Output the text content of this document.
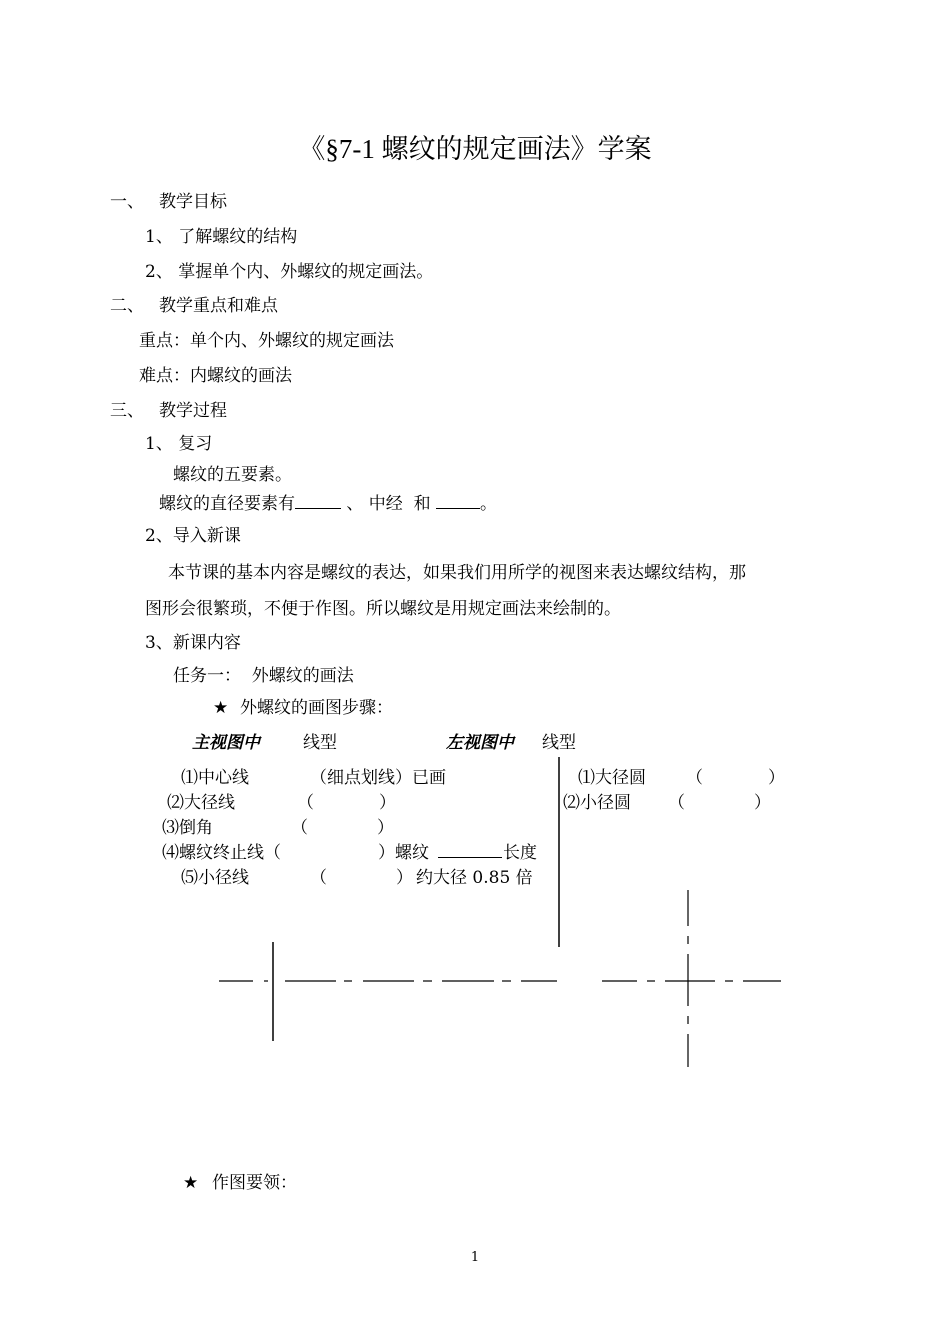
《§7-1 螺纹的规定画法》学案
一、 教学目标
1、 了解螺纹的结构
2、 掌握单个内、外螺纹的规定画法。
二、 教学重点和难点
重点：单个内、外螺纹的规定画法
难点：内螺纹的画法
三、 教学过程
1、 复习
螺纹的五要素。
螺纹的直径要素有	、 中经  和	。
2、导入新课
本节课的基本内容是螺纹的表达，如果我们用所学的视图来表达螺纹结构，那
图形会很繁琐，不便于作图。所以螺纹是用规定画法来绘制的。
3、新课内容
任务一：  外螺纹的画法
★ 外螺纹的画图步骤：
主视图中	线型	左视图中 线型
⑴中心线	（细点划线）已画
⑵大径线	（	）
⑶倒角	（	）
⑷螺纹终止线（	）螺纹	长度
⑸小径线	（	） 约大径 0.85 倍
⑴大径圆 （	）
⑵小径圆 （	）
★ 作图要领：
1
